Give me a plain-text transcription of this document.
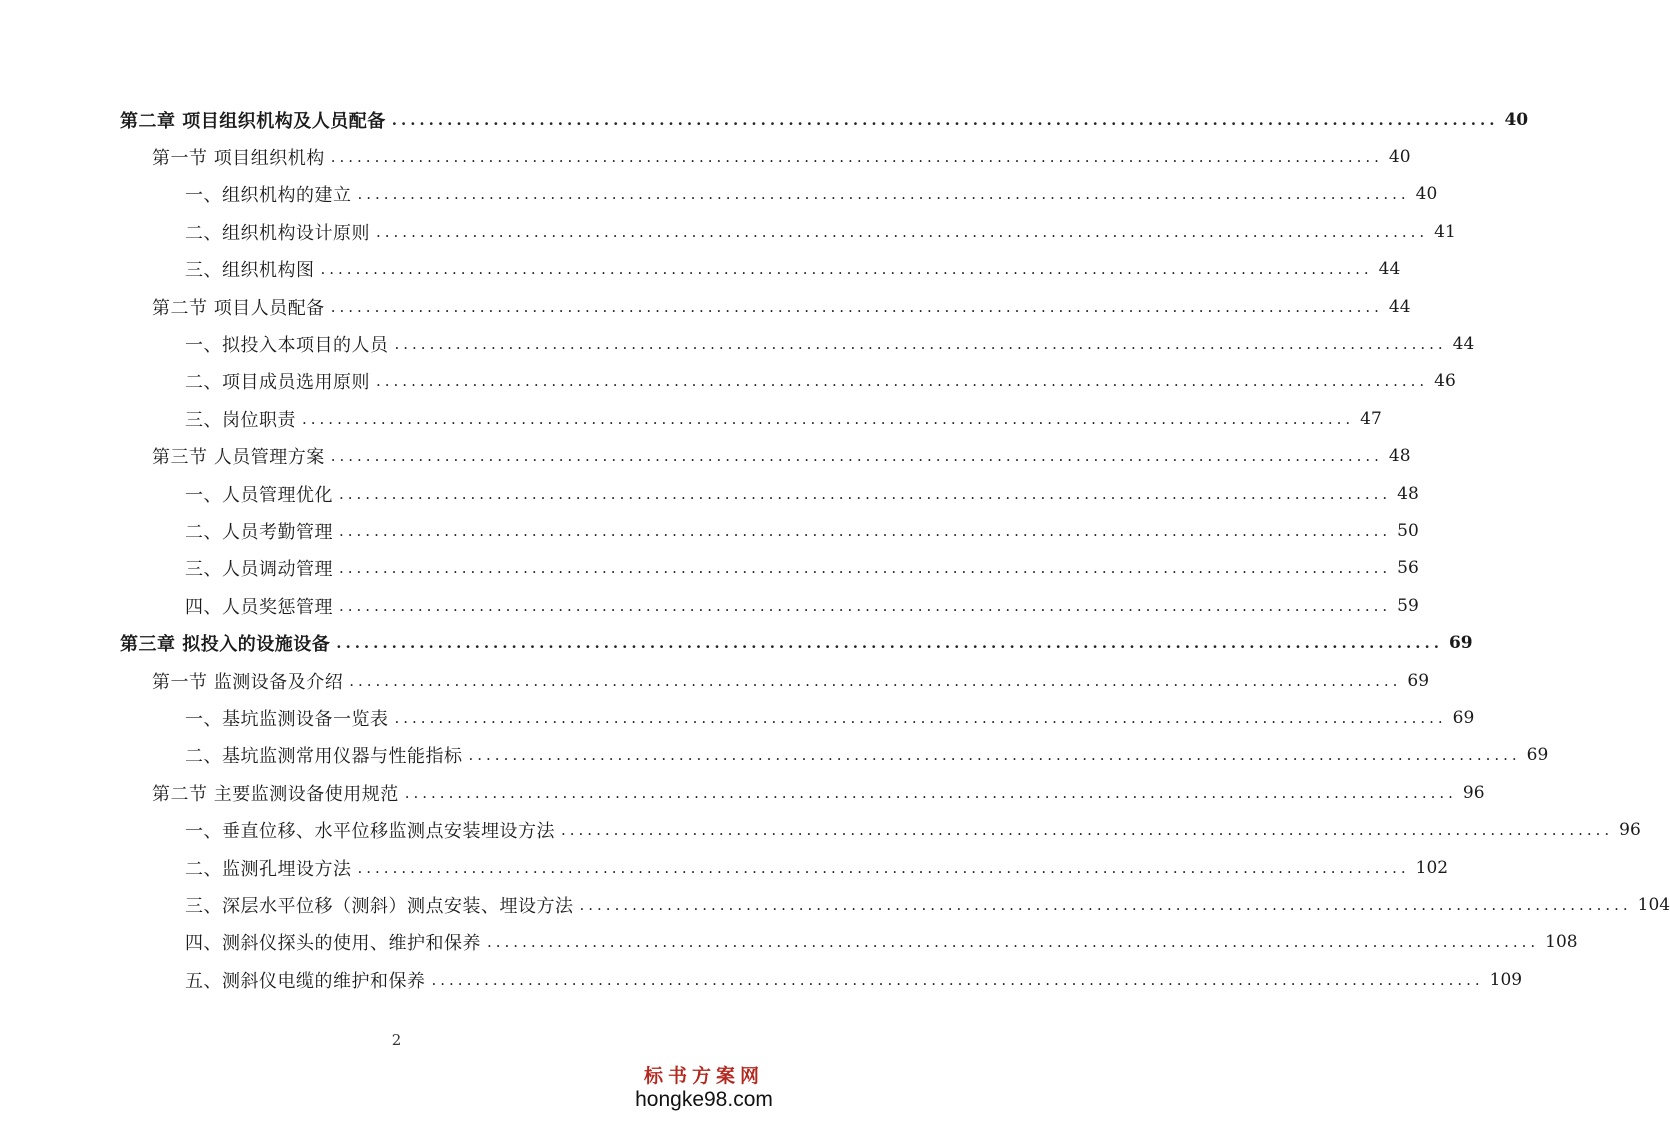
第二章 项目组织机构及人员配备 ........................................................................................................................ 40
第一节 项目组织机构 ........................................................................................................................ 40
一、组织机构的建立 ........................................................................................................................ 40
二、组织机构设计原则 ........................................................................................................................ 41
三、组织机构图 ........................................................................................................................ 44
第二节 项目人员配备 ........................................................................................................................ 44
一、拟投入本项目的人员 ........................................................................................................................ 44
二、项目成员选用原则 ........................................................................................................................ 46
三、岗位职责 ........................................................................................................................ 47
第三节 人员管理方案 ........................................................................................................................ 48
一、人员管理优化 ........................................................................................................................ 48
二、人员考勤管理 ........................................................................................................................ 50
三、人员调动管理 ........................................................................................................................ 56
四、人员奖惩管理 ........................................................................................................................ 59
第三章 拟投入的设施设备 ........................................................................................................................ 69
第一节 监测设备及介绍 ........................................................................................................................ 69
一、基坑监测设备一览表 ........................................................................................................................ 69
二、基坑监测常用仪器与性能指标 ........................................................................................................................ 69
第二节 主要监测设备使用规范 ........................................................................................................................ 96
一、垂直位移、水平位移监测点安装埋设方法 ........................................................................................................................ 96
二、监测孔埋设方法 ........................................................................................................................ 102
三、深层水平位移（测斜）测点安装、埋设方法 ........................................................................................................................ 104
四、测斜仪探头的使用、维护和保养 ........................................................................................................................ 108
五、测斜仪电缆的维护和保养 ........................................................................................................................ 109
2
标书方案网
hongke98.com
